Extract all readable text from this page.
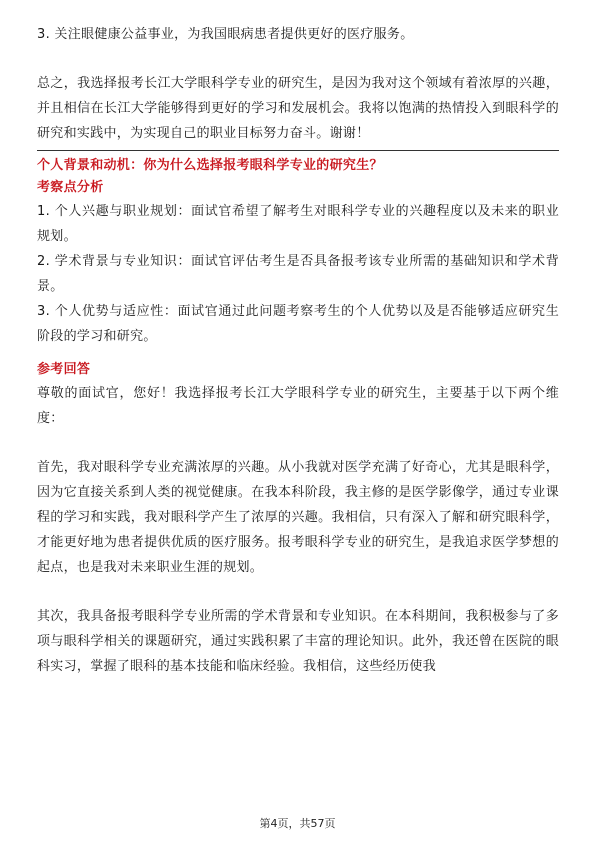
3. 关注眼健康公益事业，为我国眼病患者提供更好的医疗服务。

总之，我选择报考长江大学眼科学专业的研究生，是因为我对这个领域有着浓厚的兴趣，并且相信在长江大学能够得到更好的学习和发展机会。我将以饱满的热情投入到眼科学的研究和实践中，为实现自己的职业目标努力奋斗。谢谢！

个人背景和动机：你为什么选择报考眼科学专业的研究生？
考察点分析

1. 个人兴趣与职业规划：面试官希望了解考生对眼科学专业的兴趣程度以及未来的职业规划。

2. 学术背景与专业知识：面试官评估考生是否具备报考该专业所需的基础知识和学术背景。

3. 个人优势与适应性：面试官通过此问题考察考生的个人优势以及是否能够适应研究生阶段的学习和研究。

参考回答

尊敬的面试官，您好！我选择报考长江大学眼科学专业的研究生，主要基于以下两个维度：

首先，我对眼科学专业充满浓厚的兴趣。从小我就对医学充满了好奇心，尤其是眼科学，因为它直接关系到人类的视觉健康。在我本科阶段，我主修的是医学影像学，通过专业课程的学习和实践，我对眼科学产生了浓厚的兴趣。我相信，只有深入了解和研究眼科学，才能更好地为患者提供优质的医疗服务。报考眼科学专业的研究生，是我追求医学梦想的起点，也是我对未来职业生涯的规划。

其次，我具备报考眼科学专业所需的学术背景和专业知识。在本科期间，我积极参与了多项与眼科学相关的课题研究，通过实践积累了丰富的理论知识。此外，我还曾在医院的眼科实习，掌握了眼科的基本技能和临床经验。我相信，这些经历使我

第4页，共57页
